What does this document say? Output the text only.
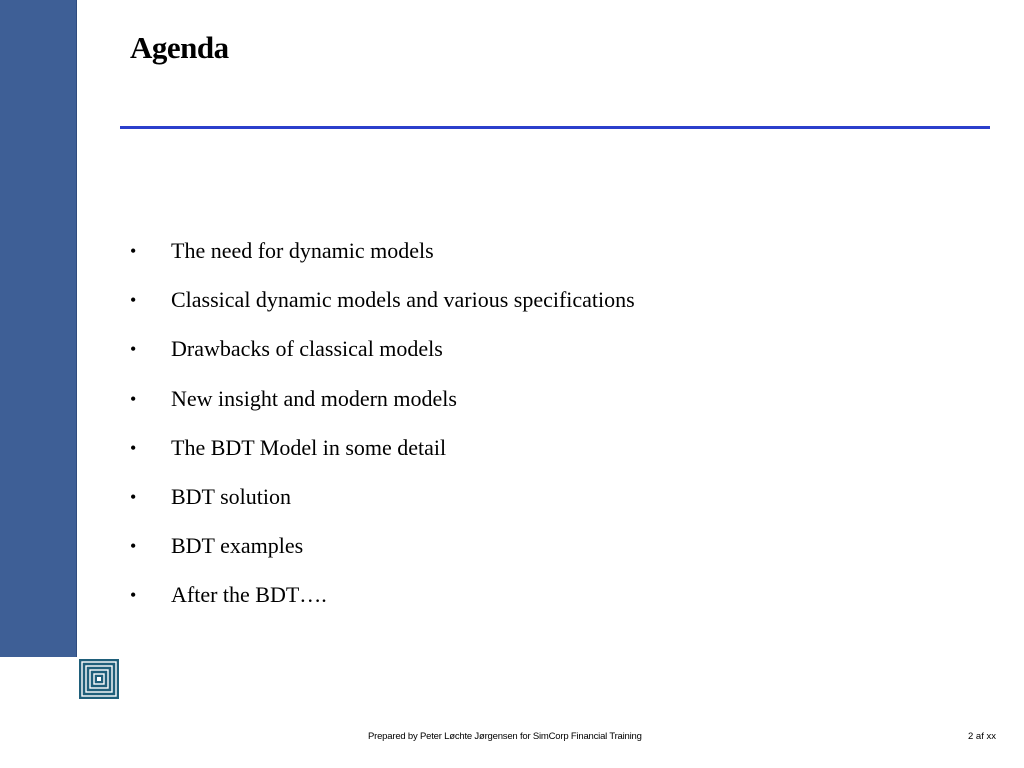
Agenda
• The need for dynamic models
• Classical dynamic models and various specifications
• Drawbacks of classical models
• New insight and modern models
• The BDT Model in some detail
• BDT solution
• BDT examples
• After the BDT….
Prepared by Peter Løchte Jørgensen for SimCorp Financial Training	2 af xx
